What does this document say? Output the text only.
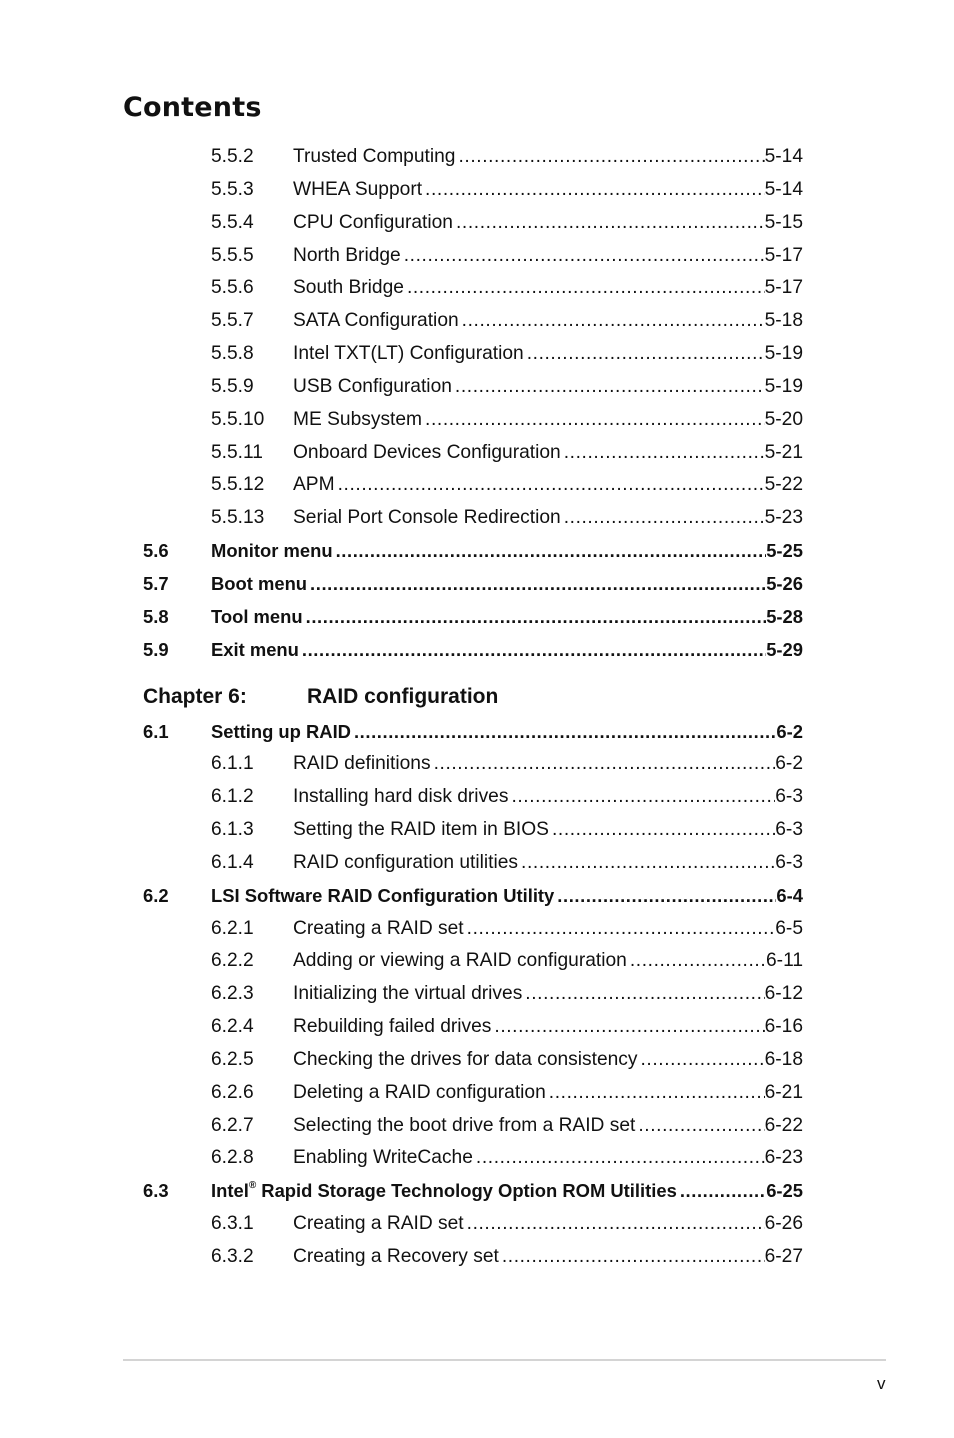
Contents
5.5.2 Trusted Computing .....	5-14
5.5.3 WHEA Support .....	5-14
5.5.4 CPU Configuration .....	5-15
5.5.5 North Bridge .....	5-17
5.5.6 South Bridge .....	5-17
5.5.7 SATA Configuration .....	5-18
5.5.8 Intel TXT(LT) Configuration .....	5-19
5.5.9 USB Configuration .....	5-19
5.5.10 ME Subsystem .....	5-20
5.5.11 Onboard Devices Configuration .....	5-21
5.5.12 APM .....	5-22
5.5.13 Serial Port Console Redirection .....	5-23
5.6 Monitor menu .....	5-25
5.7 Boot menu .....	5-26
5.8 Tool menu .....	5-28
5.9 Exit menu .....	5-29
Chapter 6:	RAID configuration
6.1 Setting up RAID .....	6-2
6.1.1 RAID definitions .....	6-2
6.1.2 Installing hard disk drives .....	6-3
6.1.3 Setting the RAID item in BIOS .....	6-3
6.1.4 RAID configuration utilities .....	6-3
6.2 LSI Software RAID Configuration Utility .....	6-4
6.2.1 Creating a RAID set .....	6-5
6.2.2 Adding or viewing a RAID configuration .....	6-11
6.2.3 Initializing the virtual drives .....	6-12
6.2.4 Rebuilding failed drives .....	6-16
6.2.5 Checking the drives for data consistency .....	6-18
6.2.6 Deleting a RAID configuration .....	6-21
6.2.7 Selecting the boot drive from a RAID set .....	6-22
6.2.8 Enabling WriteCache .....	6-23
6.3 Intel® Rapid Storage Technology Option ROM Utilities .....	6-25
6.3.1 Creating a RAID set .....	6-26
6.3.2 Creating a Recovery set .....	6-27
v
